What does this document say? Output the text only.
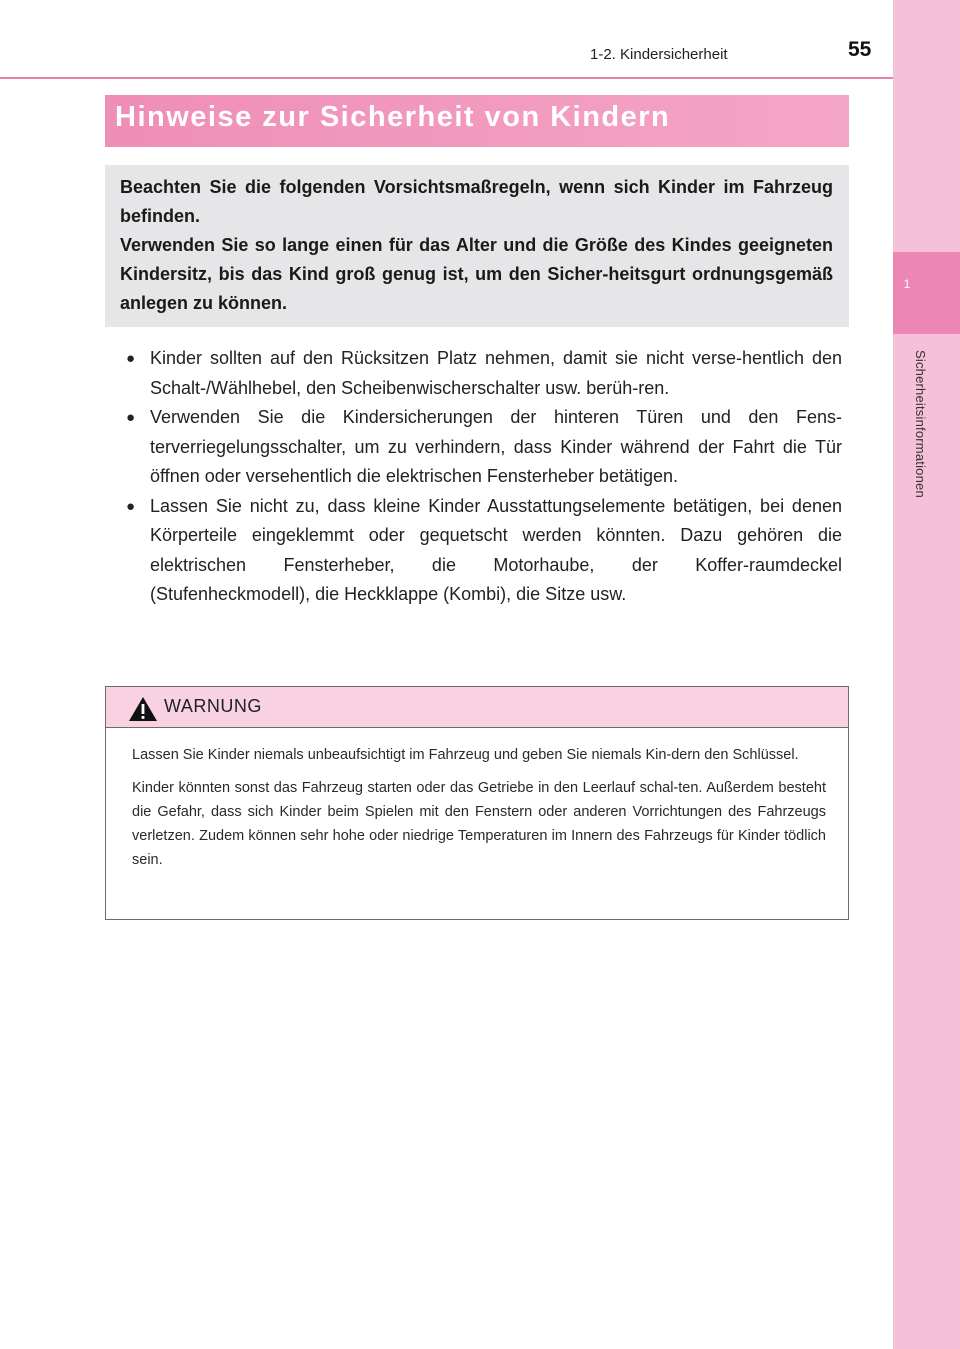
1-2. Kindersicherheit	55
1
Sicherheitsinformationen
Hinweise zur Sicherheit von Kindern

Beachten Sie die folgenden Vorsichtsmaßregeln, wenn sich Kinder im Fahrzeug befinden.

Verwenden Sie so lange einen für das Alter und die Größe des Kindes geeigneten Kindersitz, bis das Kind groß genug ist, um den Sicher-heitsgurt ordnungsgemäß anlegen zu können.

● Kinder sollten auf den Rücksitzen Platz nehmen, damit sie nicht verse-hentlich den Schalt-/Wählhebel, den Scheibenwischerschalter usw. berüh-ren.
● Verwenden Sie die Kindersicherungen der hinteren Türen und den Fens-terverriegelungsschalter, um zu verhindern, dass Kinder während der Fahrt die Tür öffnen oder versehentlich die elektrischen Fensterheber betätigen.
● Lassen Sie nicht zu, dass kleine Kinder Ausstattungselemente betätigen, bei denen Körperteile eingeklemmt oder gequetscht werden könnten. Dazu gehören die elektrischen Fensterheber, die Motorhaube, der Koffer-raumdeckel (Stufenheckmodell), die Heckklappe (Kombi), die Sitze usw.
WARNUNG

Lassen Sie Kinder niemals unbeaufsichtigt im Fahrzeug und geben Sie niemals Kin-dern den Schlüssel.

Kinder könnten sonst das Fahrzeug starten oder das Getriebe in den Leerlauf schal-ten. Außerdem besteht die Gefahr, dass sich Kinder beim Spielen mit den Fenstern oder anderen Vorrichtungen des Fahrzeugs verletzen. Zudem können sehr hohe oder niedrige Temperaturen im Innern des Fahrzeugs für Kinder tödlich sein.
